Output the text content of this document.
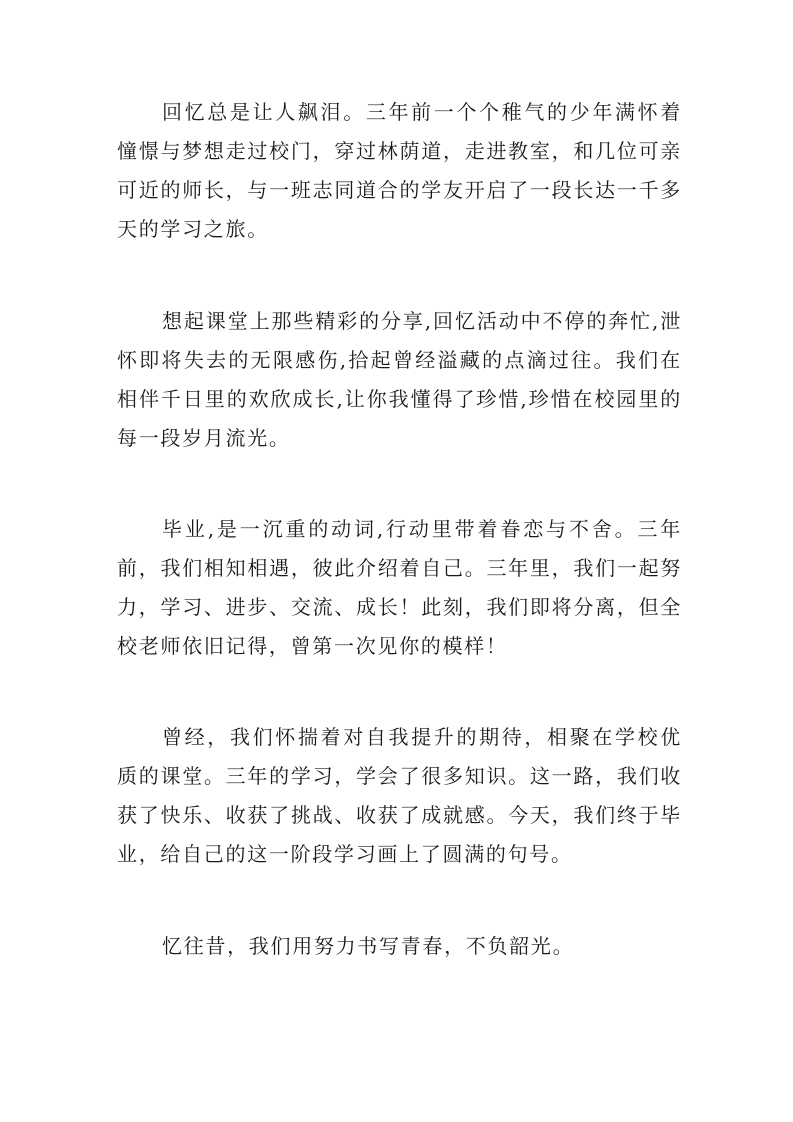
回忆总是让人飙泪。三年前一个个稚气的少年满怀着憧憬与梦想走过校门，穿过林荫道，走进教室，和几位可亲可近的师长，与一班志同道合的学友开启了一段长达一千多天的学习之旅。

想起课堂上那些精彩的分享,回忆活动中不停的奔忙,泄怀即将失去的无限感伤,拾起曾经溢藏的点滴过往。我们在相伴千日里的欢欣成长,让你我懂得了珍惜,珍惜在校园里的每一段岁月流光。

毕业,是一沉重的动词,行动里带着眷恋与不舍。三年前，我们相知相遇，彼此介绍着自己。三年里，我们一起努力，学习、进步、交流、成长！此刻，我们即将分离，但全校老师依旧记得，曾第一次见你的模样！

曾经，我们怀揣着对自我提升的期待，相聚在学校优质的课堂。三年的学习，学会了很多知识。这一路，我们收获了快乐、收获了挑战、收获了成就感。今天，我们终于毕业，给自己的这一阶段学习画上了圆满的句号。

忆往昔，我们用努力书写青春，不负韶光。
